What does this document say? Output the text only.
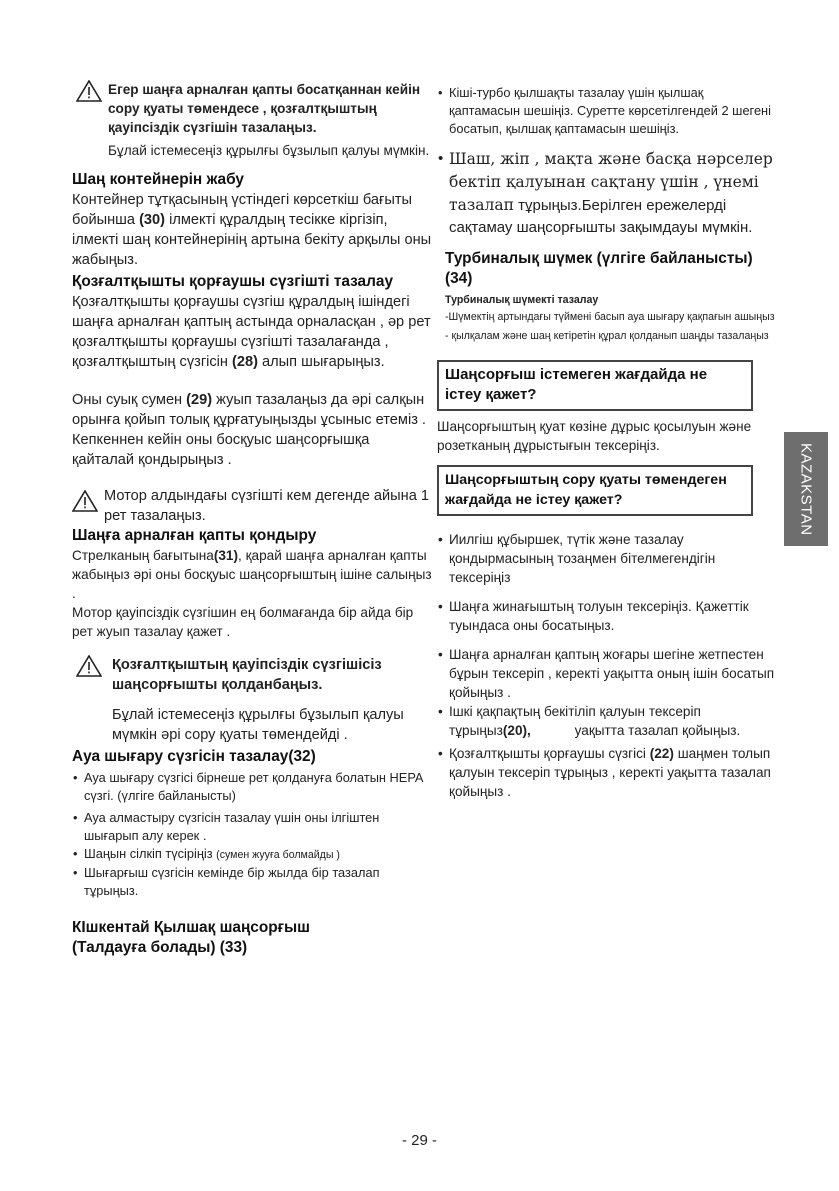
Егер шаңға арналған қапты босатқаннан кейін сору қуаты төмендесе , қозғалтқыштың қауіпсіздік сүзгішін тазалаңыз.
Бұлай істемесеңіз құрылғы бұзылып қалуы мүмкін.
Шаң контейнерін жабу
Контейнер тұтқасының үстіндегі көрсеткіш бағыты бойынша (30) ілмекті құралдың тесікке кіргізіп, ілмекті шаң контейнерінің артына бекіту арқылы оны жабыңыз.
Қозғалтқышты қорғаушы сүзгішті тазалау
Қозғалтқышты қорғаушы сүзгіш құралдың ішіндегі шаңға арналған қаптың астында орналасқан , әр рет қозғалтқышты қорғаушы сүзгішті тазалағанда , қозғалтқыштың сүзгісін (28) алып шығарыңыз.
Оны суық сумен (29) жуып тазалаңыз да әрі салқын орынға қойып толық құрғатуыңызды ұсыныс етеміз .
Кепкеннен кейін оны босқуыс шаңсорғышқа қайталай қондырыңыз .
Мотор алдындағы сүзгішті кем дегенде айына 1 рет тазалаңыз.
Шаңға арналған қапты қондыру
Стрелканың бағытына(31), қарай шаңға арналған қапты жабыңыз әрі оны босқуыс шаңсорғыштың ішіне салыңыз .
Мотор қауіпсіздік сүзгішин ең болмағанда бір айда бір рет жуып тазалау қажет .
Қозғалтқыштың қауіпсіздік сүзгішісіз шаңсорғышты қолданбаңыз.
Бұлай істемесеңіз құрылғы бұзылып қалуы мүмкін әрі сору қуаты төмендейді .
Ауа шығару сүзгісін тазалау(32)
• Ауа шығару сүзгісі бірнеше рет қолдануға болатын HEPA сүзгі. (үлгіге байланысты)
• Ауа алмастыру сүзгісін тазалау үшін оны ілгіштен шығарып алу керек .
• Шаңын сілкіп түсіріңіз (сумен жууға болмайды )
• Шығарғыш сүзгісін кемінде бір жылда бір тазалап тұрыңыз.
КІшкентай Қылшақ шаңсорғыш (Талдауға болады) (33)
• Кіші-турбо қылшақты тазалау үшін қылшақ қаптамасын шешіңіз. Суретте көрсетілгендей 2 шегені босатып, қылшақ қаптамасын шешіңіз.
• Шаш, жіп , мақта және басқа нәрселер бектіп қалуынан сақтану үшін , үнемі тазалап тұрыңыз.Берілген ережелерді сақтамау шаңсорғышты зақымдауы мүмкін.
Турбиналық шүмек (үлгіге байланысты) (34)
Турбиналық шүмекті тазалау
-Шүмектің артындағы түймені басып ауа шығару қақпағын ашыңыз
- қылқалам және шаң кетіретін құрал қолданып шаңды тазалаңыз
Шаңсорғыш істемеген жағдайда не істеу қажет?
Шаңсорғыштың қуат көзіне дұрыс қосылуын және розетканың дұрыстығын тексеріңіз.
Шаңсорғыштың сору қуаты төмендеген жағдайда не істеу қажет?
• Иилгіш құбыршек, түтік және тазалау қондырмасының тозаңмен бітелмегендігін тексеріңіз
• Шаңға жинағыштың толуын тексеріңіз. Қажеттік туындаса оны босатыңыз.
• Шаңға арналған қаптың жоғары шегіне жетпестен бұрын тексеріп , керекті уақытта оның ішін босатып қойыңыз .
• Ішкі қақпақтың бекітіліп қалуын тексеріп тұрыңыз(20),	уақытта тазалап қойыңыз.
• Қозғалтқышты қорғаушы сүзгісі (22) шаңмен толып қалуын тексеріп тұрыңыз , керекті уақытта тазалап қойыңыз .
KAZAKSTAN
- 29 -
